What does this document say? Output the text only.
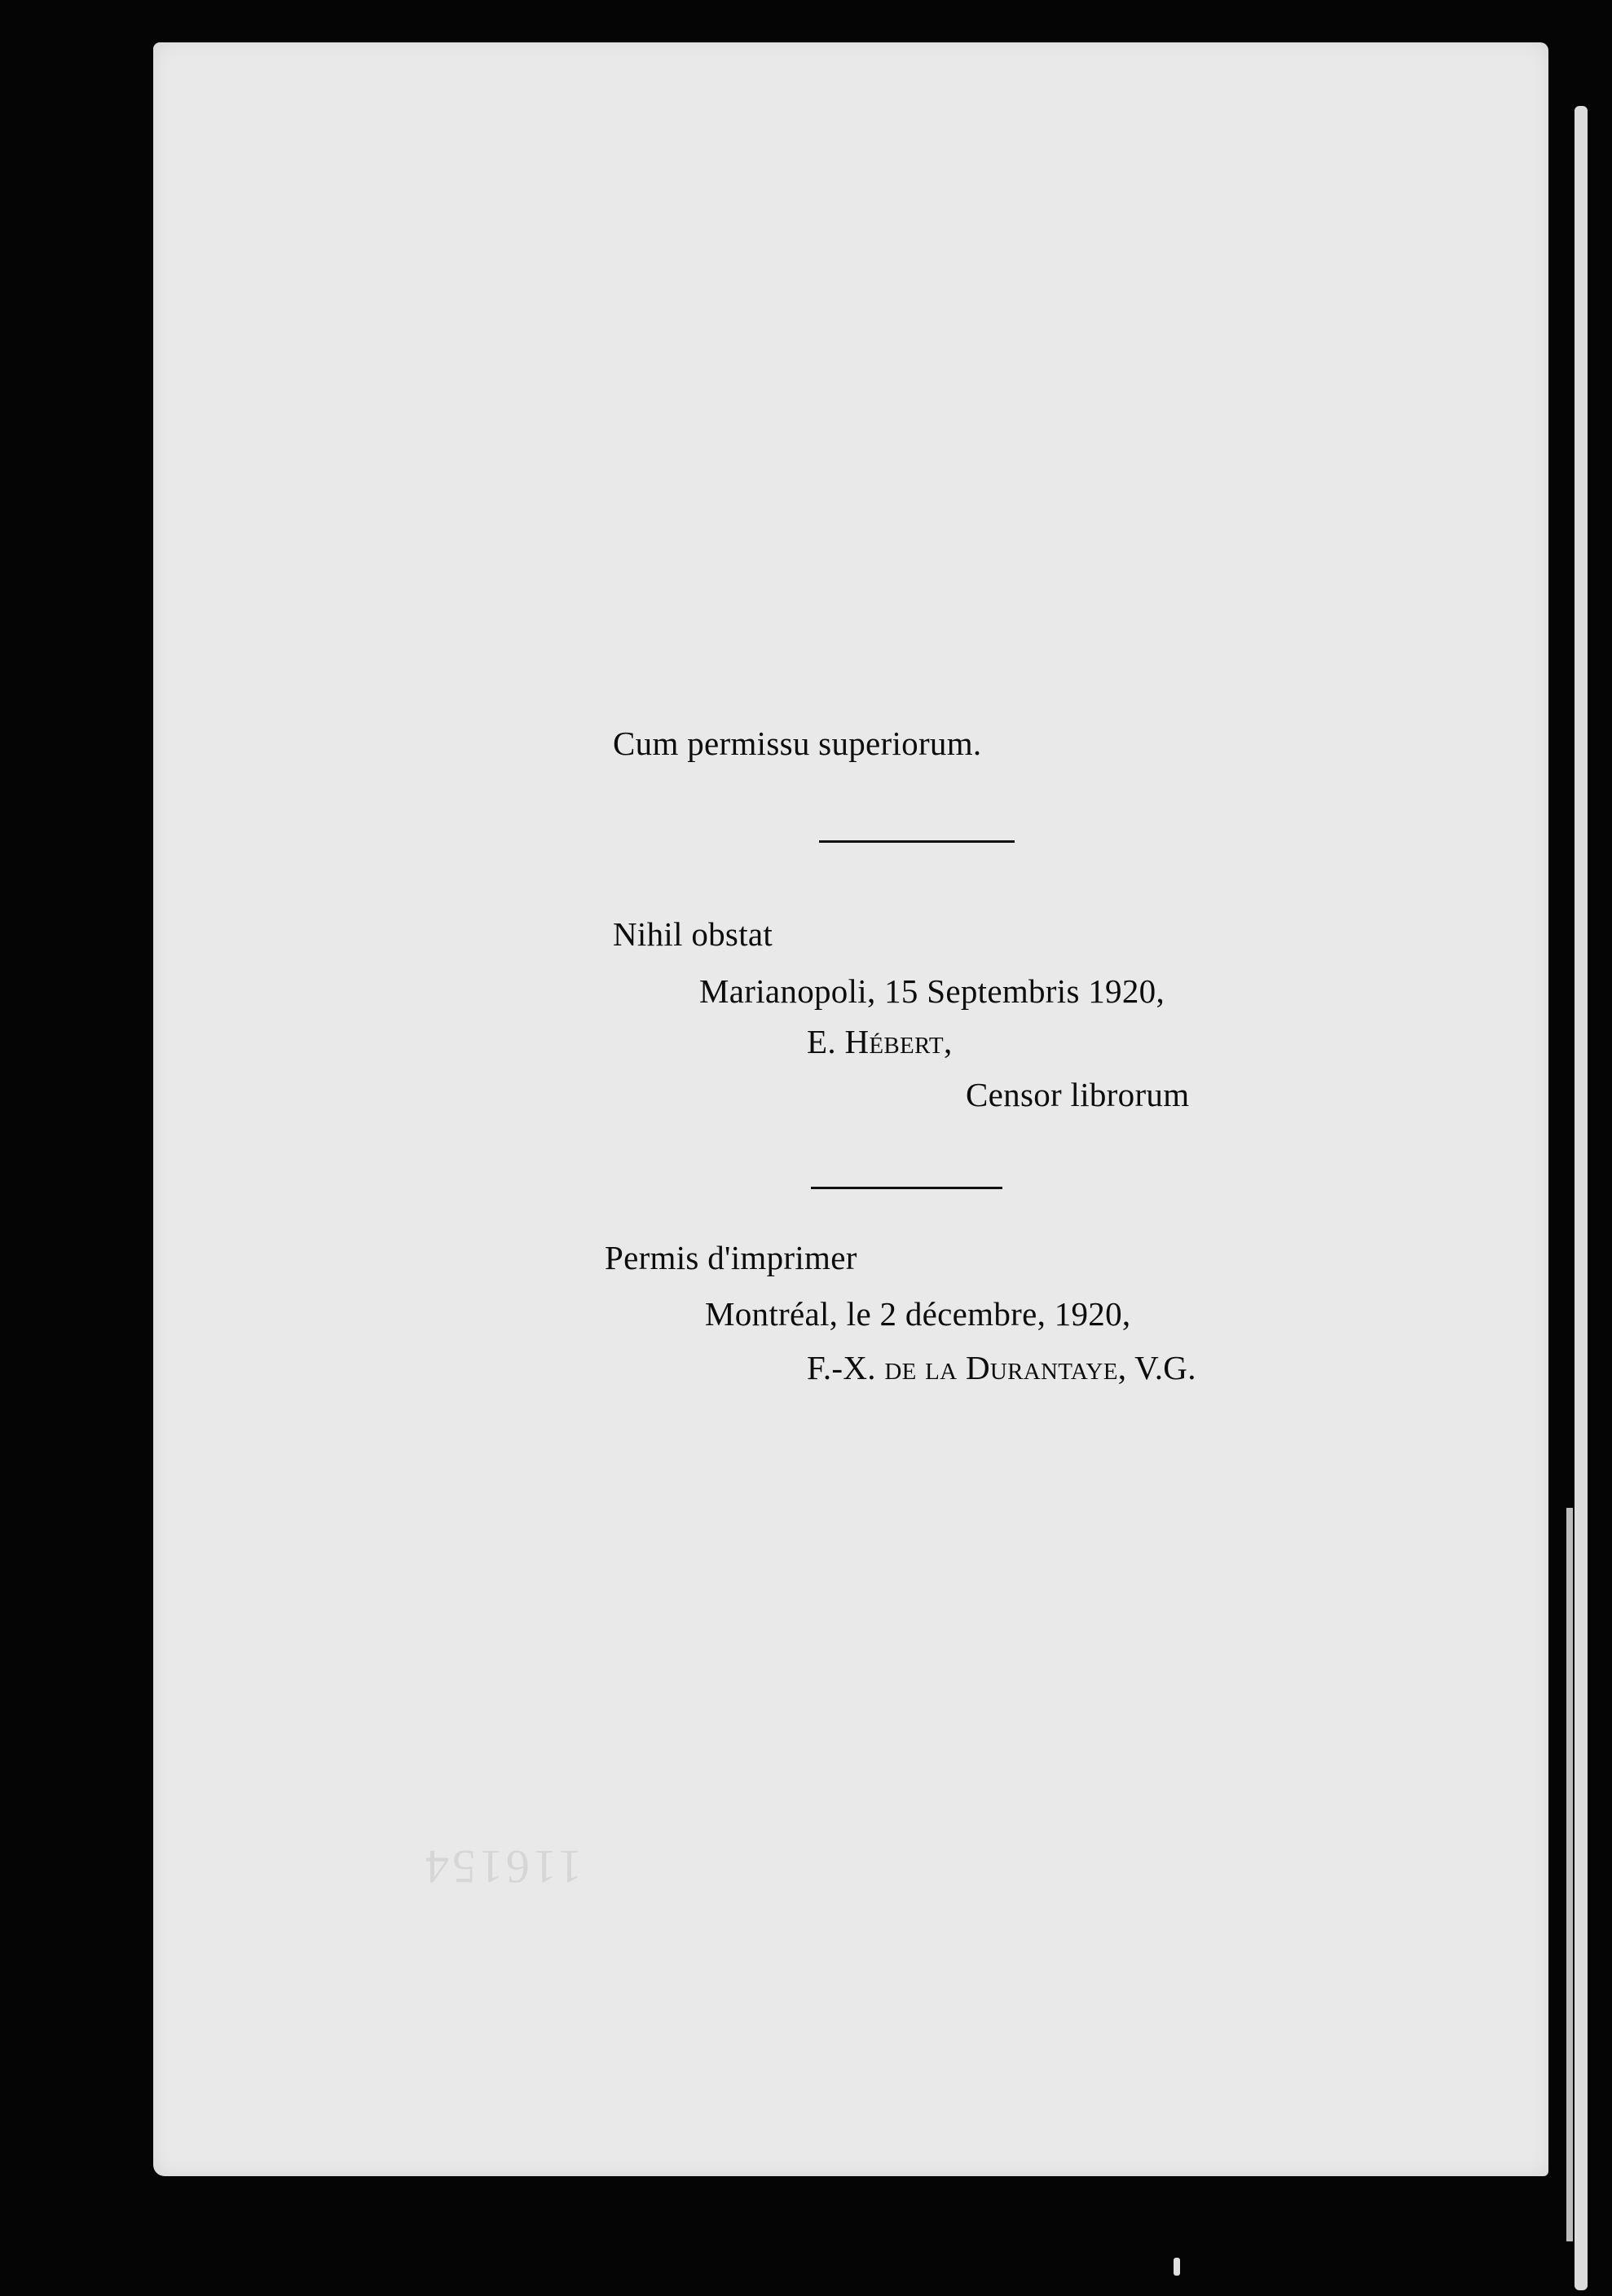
116154
Cum permissu superiorum.
Nihil obstat
Marianopoli, 15 Septembris 1920,
E. Hébert,
Censor librorum
Permis d'imprimer
Montréal, le 2 décembre, 1920,
F.-X. de la Durantaye, V.G.
